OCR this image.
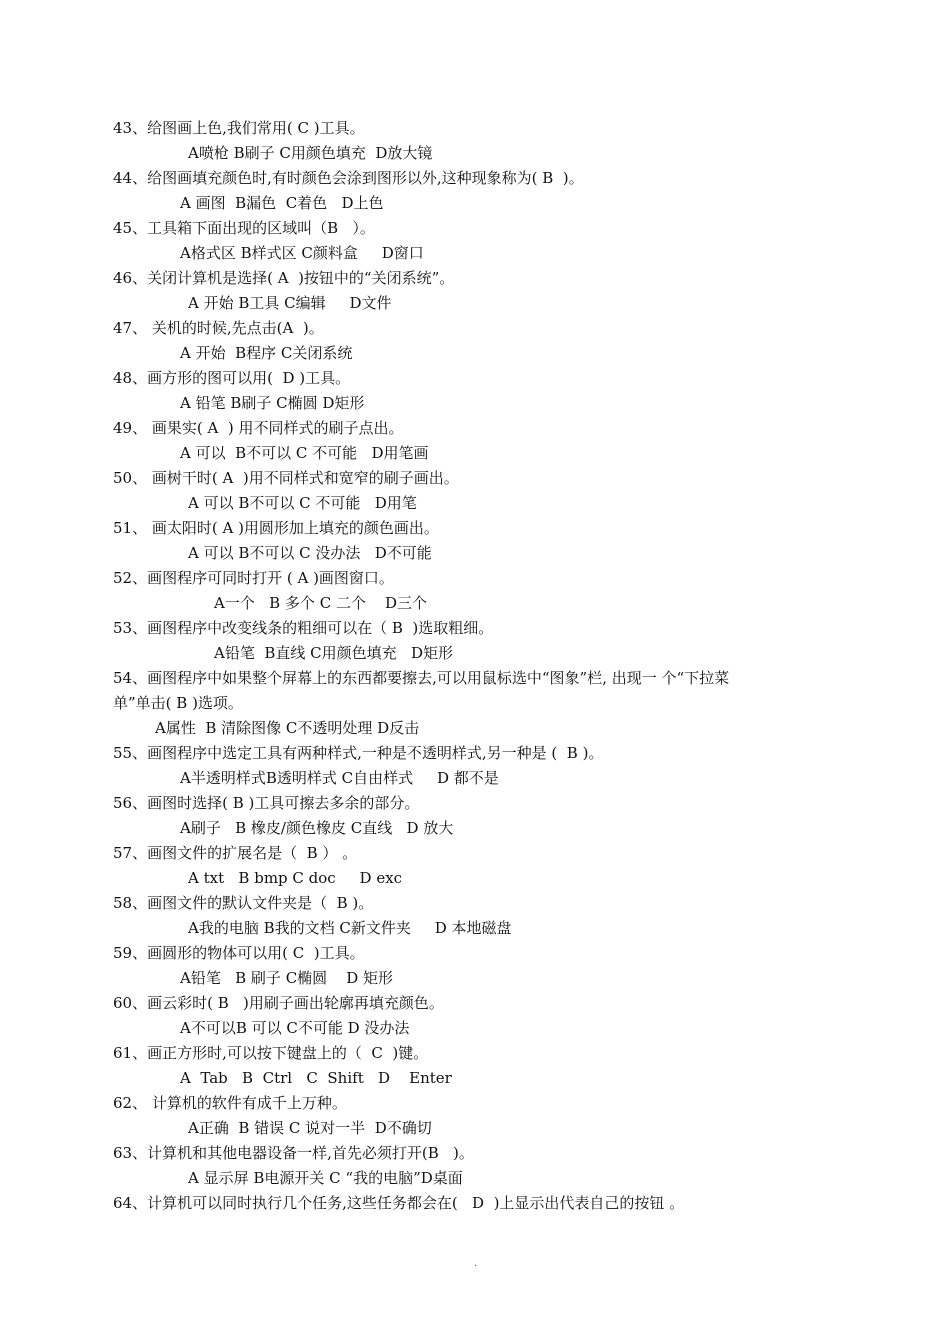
43、给图画上色,我们常用( C )工具。
A喷枪 B刷子 C用颜色填充  D放大镜
44、给图画填充颜色时,有时颜色会涂到图形以外,这种现象称为( B  )。
A 画图  B漏色  C着色   D上色
45、工具箱下面出现的区域叫（B   ）。
A格式区 B样式区 C颜料盒     D窗口
46、关闭计算机是选择( A  )按钮中的“关闭系统”。
A 开始 B工具 C编辑     D文件
47、 关机的时候,先点击(A  )。
A 开始  B程序 C关闭系统
48、画方形的图可以用(  D )工具。
A 铅笔 B刷子 C椭圆 D矩形
49、 画果实( A  ) 用不同样式的刷子点出。
A 可以  B不可以 C 不可能   D用笔画
50、 画树干时( A  )用不同样式和宽窄的刷子画出。
A 可以 B不可以 C 不可能   D用笔
51、 画太阳时( A )用圆形加上填充的颜色画出。
A 可以 B不可以 C 没办法   D不可能
52、画图程序可同时打开 ( A )画图窗口。
A一个   B 多个 C 二个    D三个
53、画图程序中改变线条的粗细可以在（ B  )选取粗细。
A铅笔  B直线 C用颜色填充   D矩形
54、画图程序中如果整个屏幕上的东西都要擦去,可以用鼠标选中“图象”栏, 出现一 个“下拉菜
单”单击( B )选项。
A属性  B 清除图像 C不透明处理 D反击
55、画图程序中选定工具有两种样式,一种是不透明样式,另一种是 (  B )。
A半透明样式B透明样式 C自由样式     D 都不是
56、画图时选择( B )工具可擦去多余的部分。
A刷子   B 橡皮/颜色橡皮 C直线   D 放大
57、画图文件的扩展名是（  B ） 。
A txt   B bmp C doc     D exc
58、画图文件的默认文件夹是（  B )。
A我的电脑 B我的文档 C新文件夹     D 本地磁盘
59、画圆形的物体可以用( C  )工具。
A铅笔   B 刷子 C椭圆    D 矩形
60、画云彩时( B   )用刷子画出轮廓再填充颜色。
A不可以B 可以 C不可能 D 没办法
61、画正方形时,可以按下键盘上的（  C  )键。
A  Tab   B  Ctrl   C  Shift   D    Enter
62、 计算机的软件有成千上万种。
A正确  B 错误 C 说对一半  D不确切
63、计算机和其他电器设备一样,首先必须打开(B   )。
A 显示屏 B电源开关 C “我的电脑”D桌面
64、计算机可以同时执行几个任务,这些任务都会在(   D  )上显示出代表自己的按钮 。
.
